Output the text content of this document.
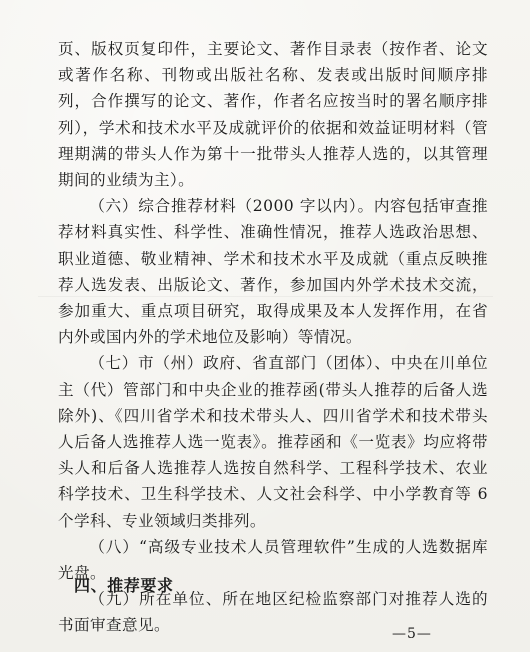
页、版权页复印件，主要论文、著作目录表（按作者、论文或著作名称、刊物或出版社名称、发表或出版时间顺序排列，合作撰写的论文、著作，作者名应按当时的署名顺序排列），学术和技术水平及成就评价的依据和效益证明材料（管理期满的带头人作为第十一批带头人推荐人选的，以其管理期间的业绩为主）。

（六）综合推荐材料（2000 字以内）。内容包括审查推荐材料真实性、科学性、准确性情况，推荐人选政治思想、职业道德、敬业精神、学术和技术水平及成就（重点反映推荐人选发表、出版论文、著作，参加国内外学术技术交流，参加重大、重点项目研究，取得成果及本人发挥作用，在省内外或国内外的学术地位及影响）等情况。

（七）市（州）政府、省直部门（团体）、中央在川单位主（代）管部门和中央企业的推荐函(带头人推荐的后备人选除外)、《四川省学术和技术带头人、四川省学术和技术带头人后备人选推荐人选一览表》。推荐函和《一览表》均应将带头人和后备人选推荐人选按自然科学、工程科学技术、农业科学技术、卫生科学技术、人文社会科学、中小学教育等 6 个学科、专业领域归类排列。

（八）“高级专业技术人员管理软件”生成的人选数据库光盘。

（九）所在单位、所在地区纪检监察部门对推荐人选的书面审查意见。

四、推荐要求
—5—
